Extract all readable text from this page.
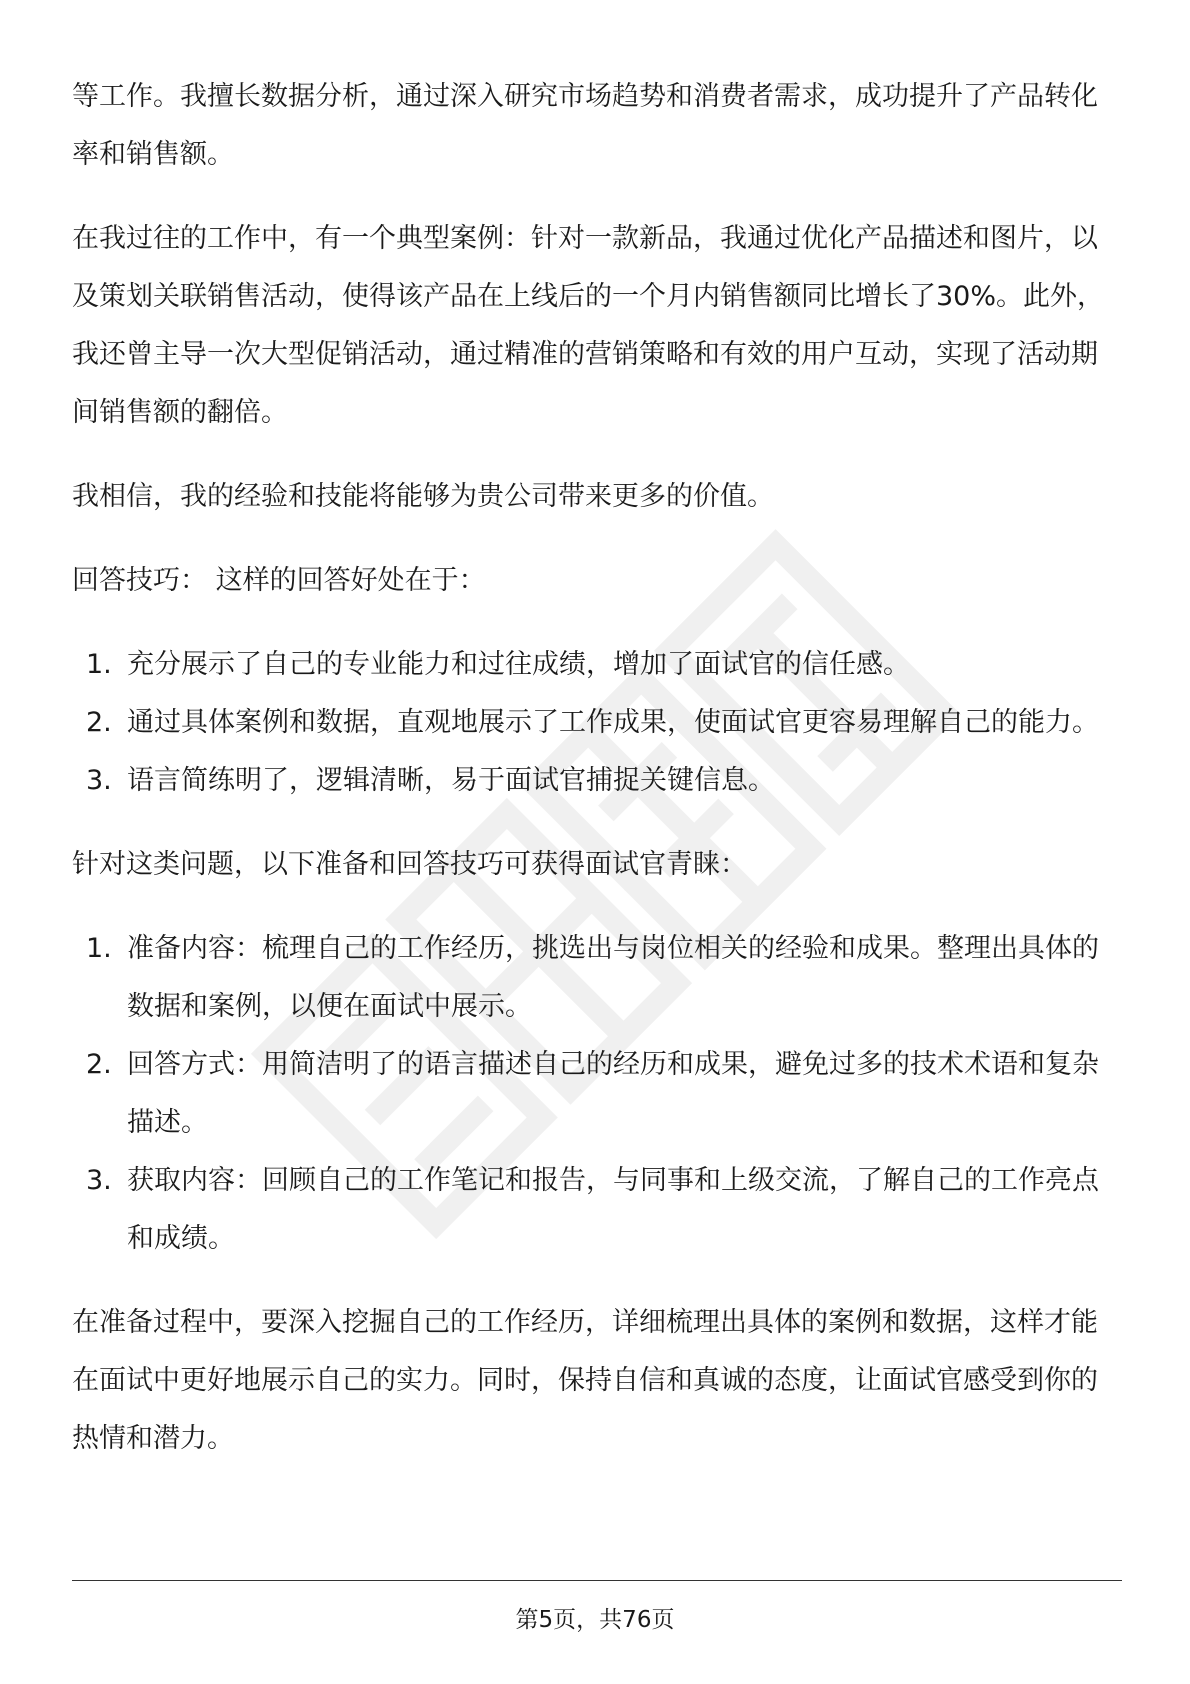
等工作。我擅长数据分析，通过深入研究市场趋势和消费者需求，成功提升了产品转化率和销售额。

在我过往的工作中，有一个典型案例：针对一款新品，我通过优化产品描述和图片，以及策划关联销售活动，使得该产品在上线后的一个月内销售额同比增长了30%。此外，我还曾主导一次大型促销活动，通过精准的营销策略和有效的用户互动，实现了活动期间销售额的翻倍。

我相信，我的经验和技能将能够为贵公司带来更多的价值。

回答技巧： 这样的回答好处在于：

1. 充分展示了自己的专业能力和过往成绩，增加了面试官的信任感。
2. 通过具体案例和数据，直观地展示了工作成果，使面试官更容易理解自己的能力。
3. 语言简练明了，逻辑清晰，易于面试官捕捉关键信息。

针对这类问题，以下准备和回答技巧可获得面试官青睐：

1. 准备内容：梳理自己的工作经历，挑选出与岗位相关的经验和成果。整理出具体的数据和案例，以便在面试中展示。
2. 回答方式：用简洁明了的语言描述自己的经历和成果，避免过多的技术术语和复杂描述。
3. 获取内容：回顾自己的工作笔记和报告，与同事和上级交流，了解自己的工作亮点和成绩。

在准备过程中，要深入挖掘自己的工作经历，详细梳理出具体的案例和数据，这样才能在面试中更好地展示自己的实力。同时，保持自信和真诚的态度，让面试官感受到你的热情和潜力。

第5页，共76页
